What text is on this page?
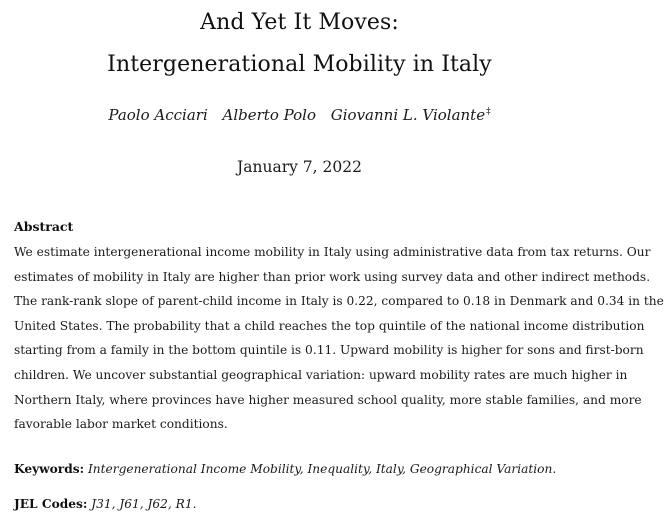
And Yet It Moves:
Intergenerational Mobility in Italy
Paolo Acciari Alberto Polo Giovanni L. Violante‡
January 7, 2022
Abstract
We estimate intergenerational income mobility in Italy using administrative data from tax returns. Our
estimates of mobility in Italy are higher than prior work using survey data and other indirect methods.
The rank-rank slope of parent-child income in Italy is 0.22, compared to 0.18 in Denmark and 0.34 in the
United States. The probability that a child reaches the top quintile of the national income distribution
starting from a family in the bottom quintile is 0.11. Upward mobility is higher for sons and first-born
children. We uncover substantial geographical variation: upward mobility rates are much higher in
Northern Italy, where provinces have higher measured school quality, more stable families, and more
favorable labor market conditions.
Keywords: Intergenerational Income Mobility, Inequality, Italy, Geographical Variation.
JEL Codes: J31, J61, J62, R1.
